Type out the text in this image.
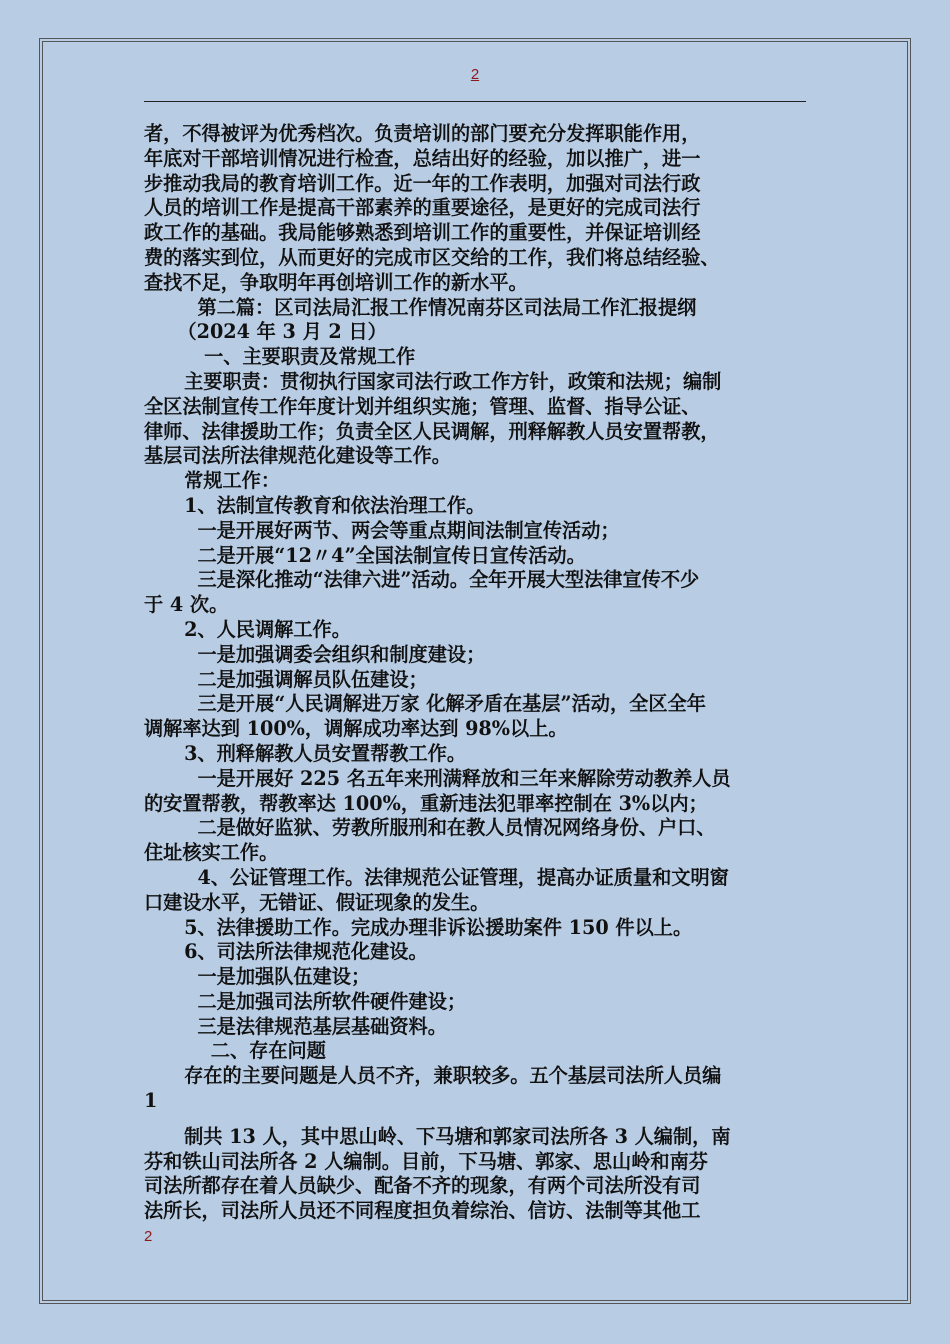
2

者，不得被评为优秀档次。负责培训的部门要充分发挥职能作用，

年底对干部培训情况进行检查，总结出好的经验，加以推广，进一

步推动我局的教育培训工作。近一年的工作表明，加强对司法行政

人员的培训工作是提高干部素养的重要途径，是更好的完成司法行

政工作的基础。我局能够熟悉到培训工作的重要性，并保证培训经

费的落实到位，从而更好的完成市区交给的工作，我们将总结经验、

查找不足，争取明年再创培训工作的新水平。

第二篇：区司法局汇报工作情况南芬区司法局工作汇报提纲

（2024 年 3 月 2 日）

一、主要职责及常规工作

主要职责：贯彻执行国家司法行政工作方针，政策和法规；编制

全区法制宣传工作年度计划并组织实施；管理、监督、指导公证、

律师、法律援助工作；负责全区人民调解，刑释解教人员安置帮教，

基层司法所法律规范化建设等工作。

常规工作：

1、法制宣传教育和依法治理工作。

一是开展好两节、两会等重点期间法制宣传活动；

二是开展“12〃4”全国法制宣传日宣传活动。

三是深化推动“法律六进”活动。全年开展大型法律宣传不少

于 4 次。

2、人民调解工作。

一是加强调委会组织和制度建设；

二是加强调解员队伍建设；

三是开展“人民调解进万家 化解矛盾在基层”活动，全区全年

调解率达到 100%，调解成功率达到 98%以上。

3、刑释解教人员安置帮教工作。

一是开展好 225 名五年来刑满释放和三年来解除劳动教养人员

的安置帮教，帮教率达 100%，重新违法犯罪率控制在 3%以内；

二是做好监狱、劳教所服刑和在教人员情况网络身份、户口、

住址核实工作。

4、公证管理工作。法律规范公证管理，提高办证质量和文明窗

口建设水平，无错证、假证现象的发生。

5、法律援助工作。完成办理非诉讼援助案件 150 件以上。

6、司法所法律规范化建设。

一是加强队伍建设；

二是加强司法所软件硬件建设；

三是法律规范基层基础资料。

二、存在问题

存在的主要问题是人员不齐，兼职较多。五个基层司法所人员编

1

制共 13 人，其中思山岭、下马塘和郭家司法所各 3 人编制，南

芬和铁山司法所各 2 人编制。目前，下马塘、郭家、思山岭和南芬

司法所都存在着人员缺少、配备不齐的现象，有两个司法所没有司

法所长，司法所人员还不同程度担负着综治、信访、法制等其他工

2
